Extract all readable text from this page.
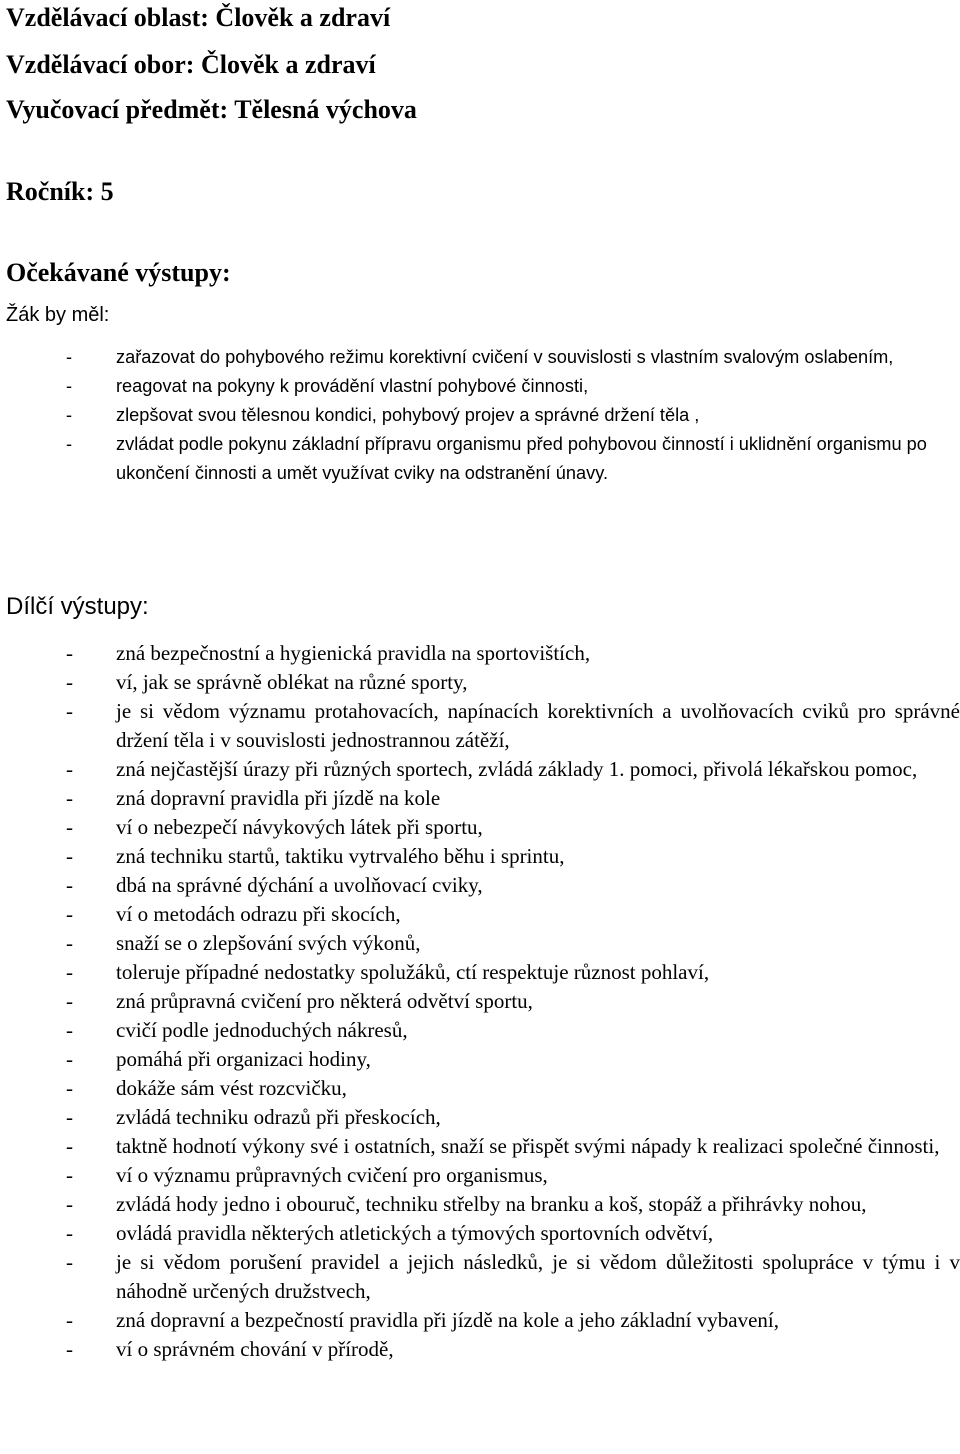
Vzdělávací oblast: Člověk a zdraví
Vzdělávací obor: Člověk a zdraví
Vyučovací předmět: Tělesná výchova
Ročník: 5
Očekávané výstupy:
Žák by měl:
- zařazovat do pohybového režimu korektivní cvičení v souvislosti s vlastním svalovým oslabením,
- reagovat na pokyny k provádění vlastní pohybové činnosti,
- zlepšovat svou tělesnou kondici, pohybový projev a správné držení těla ,
- zvládat podle pokynu základní přípravu organismu před pohybovou činností i uklidnění organismu po ukončení činnosti a umět využívat cviky na odstranění únavy.
Dílčí výstupy:
- zná bezpečnostní a hygienická pravidla na sportovištích,
- ví, jak se správně oblékat na různé sporty,
- je si vědom významu protahovacích, napínacích korektivních a uvolňovacích cviků pro správné držení těla i v souvislosti jednostrannou zátěží,
- zná nejčastější úrazy při různých sportech, zvládá základy 1. pomoci, přivolá lékařskou pomoc,
- zná dopravní pravidla při jízdě na kole
- ví o nebezpečí návykových látek při sportu,
- zná techniku startů, taktiku vytrvalého běhu i sprintu,
- dbá na správné dýchání a uvolňovací cviky,
- ví o metodách odrazu při skocích,
- snaží se o zlepšování svých výkonů,
- toleruje případné nedostatky spolužáků, ctí respektuje různost pohlaví,
- zná průpravná cvičení pro některá odvětví sportu,
- cvičí podle jednoduchých nákresů,
- pomáhá při organizaci hodiny,
- dokáže sám vést rozcvičku,
- zvládá techniku odrazů při přeskocích,
- taktně hodnotí výkony své i ostatních, snaží se přispět svými nápady k realizaci společné činnosti,
- ví o významu průpravných cvičení pro organismus,
- zvládá hody jedno i obouruč, techniku střelby na branku a koš, stopáž a přihrávky nohou,
- ovládá pravidla některých atletických a týmových sportovních odvětví,
- je si vědom porušení pravidel a jejich následků, je si vědom důležitosti spolupráce v týmu i v náhodně určených družstvech,
- zná dopravní a bezpečností pravidla při jízdě na kole a jeho základní vybavení,
- ví o správném chování v přírodě,
